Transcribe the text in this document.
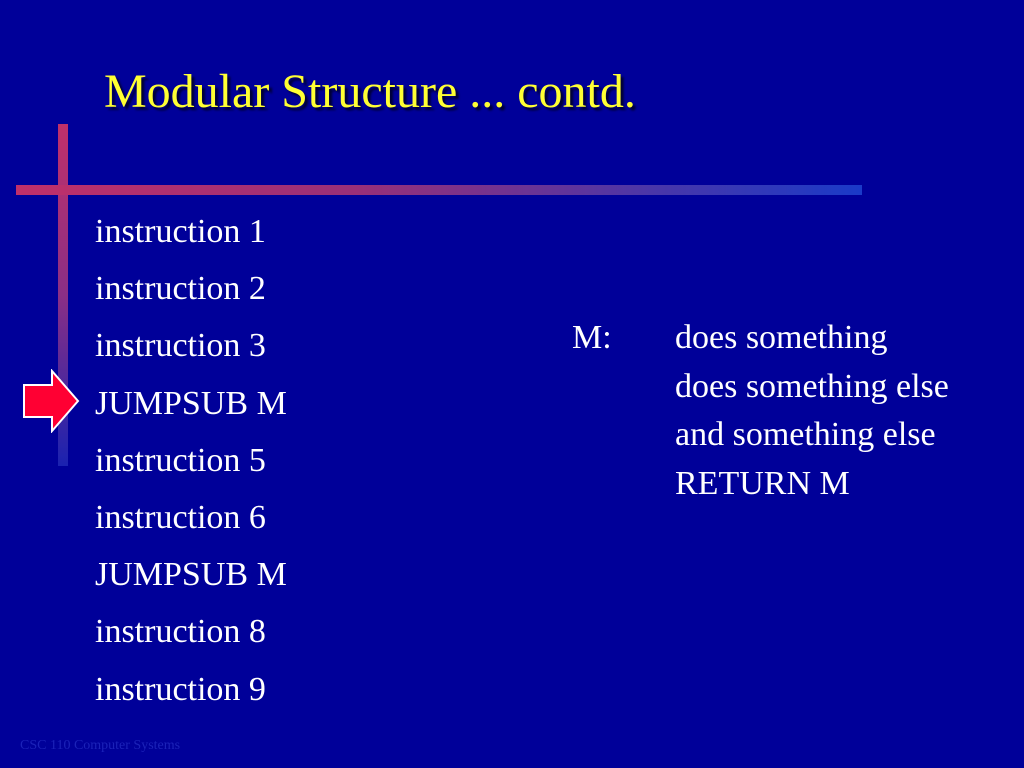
Modular Structure ... contd.
instruction 1
instruction 2
instruction 3
JUMPSUB M
instruction 5
instruction 6
JUMPSUB M
instruction 8
instruction 9
M: does something
does something else
and something else
RETURN M
CSC 110 Computer Systems
